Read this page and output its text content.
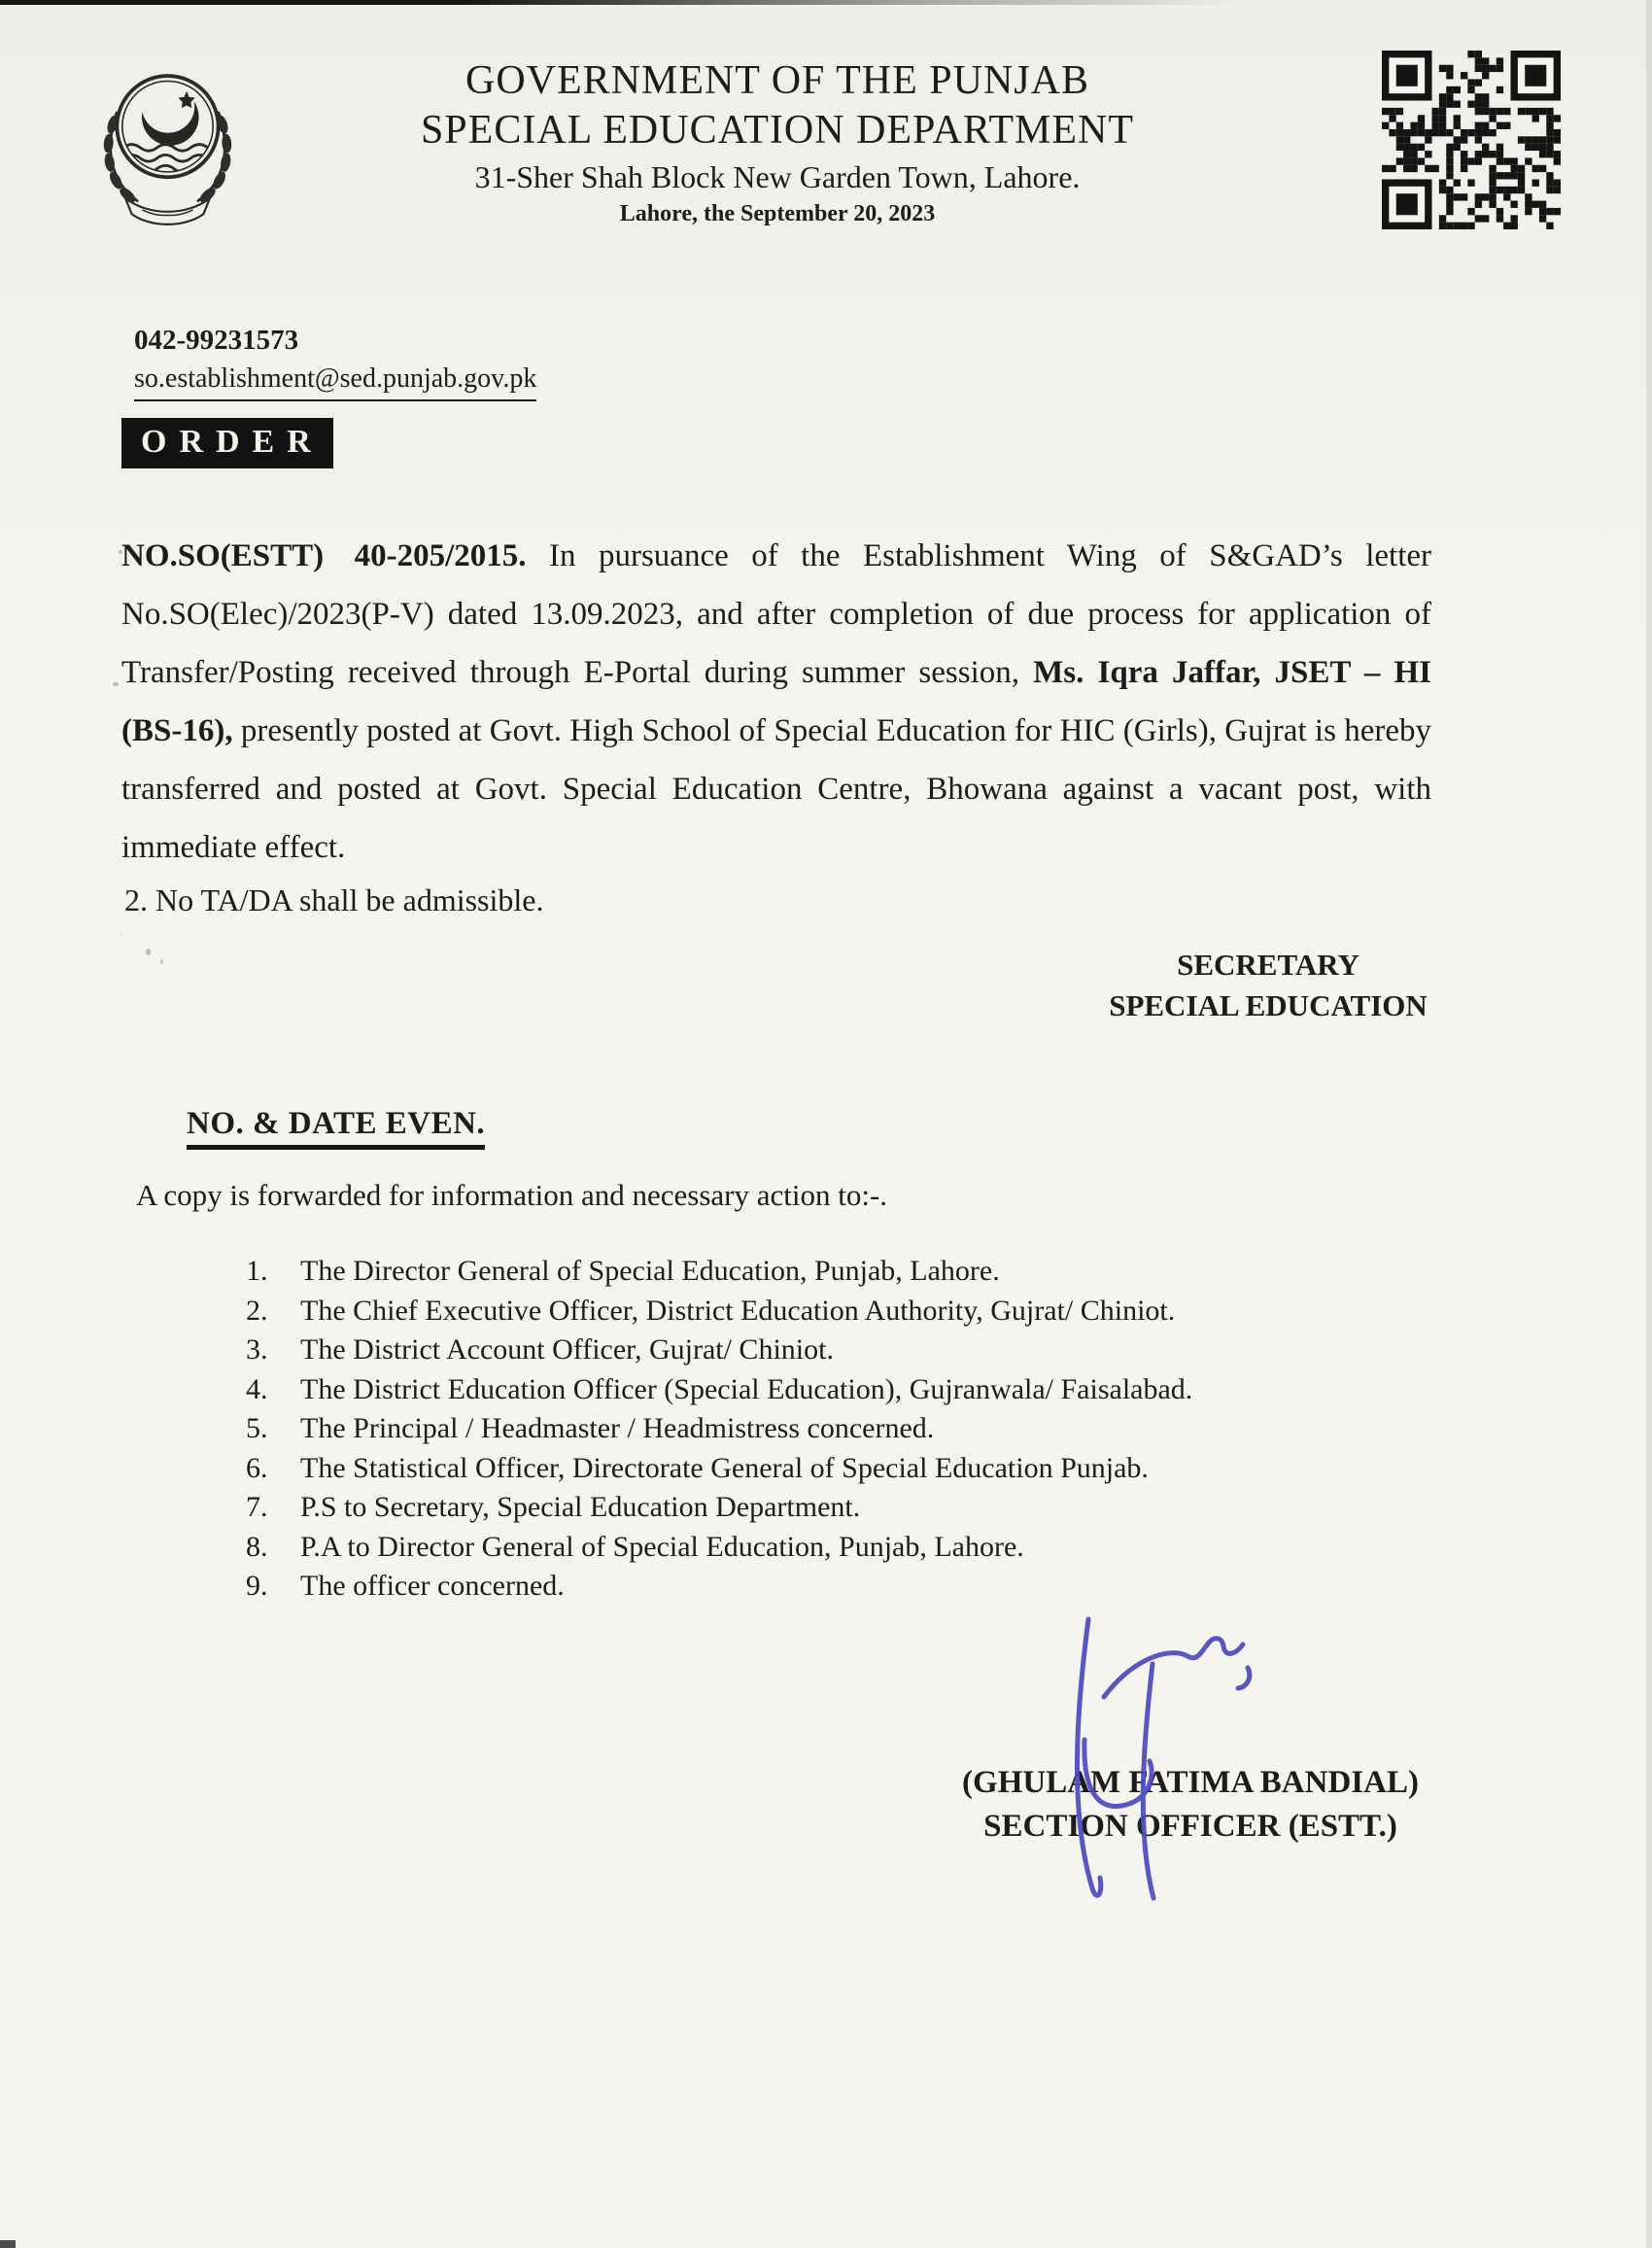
GOVERNMENT OF THE PUNJAB
SPECIAL EDUCATION DEPARTMENT
31-Sher Shah Block New Garden Town, Lahore.
Lahore, the September 20, 2023
042-99231573
so.establishment@sed.punjab.gov.pk
ORDER

NO.SO(ESTT) 40-205/2015. In pursuance of the Establishment Wing of S&GAD’s letter No.SO(Elec)/2023(P-V) dated 13.09.2023, and after completion of due process for application of Transfer/Posting received through E-Portal during summer session, Ms. Iqra Jaffar, JSET – HI (BS-16), presently posted at Govt. High School of Special Education for HIC (Girls), Gujrat is hereby transferred and posted at Govt. Special Education Centre, Bhowana against a vacant post, with immediate effect.

2. No TA/DA shall be admissible.
SECRETARY
SPECIAL EDUCATION
NO. & DATE EVEN.
A copy is forwarded for information and necessary action to:-.
The Director General of Special Education, Punjab, Lahore.
The Chief Executive Officer, District Education Authority, Gujrat/ Chiniot.
The District Account Officer, Gujrat/ Chiniot.
The District Education Officer (Special Education), Gujranwala/ Faisalabad.
The Principal / Headmaster / Headmistress concerned.
The Statistical Officer, Directorate General of Special Education Punjab.
P.S to Secretary, Special Education Department.
P.A to Director General of Special Education, Punjab, Lahore.
The officer concerned.
(GHULAM FATIMA BANDIAL)
SECTION OFFICER (ESTT.)
